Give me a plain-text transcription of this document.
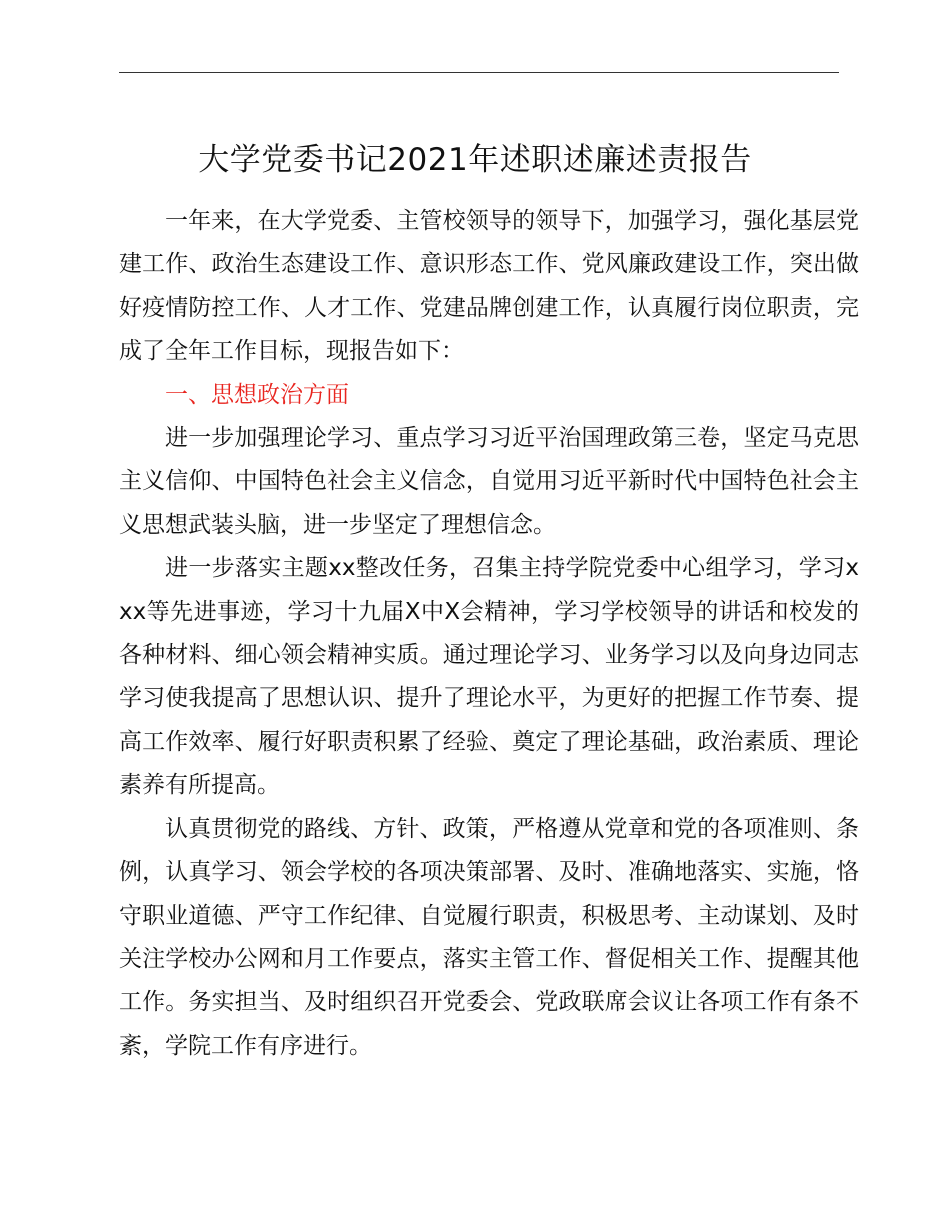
大学党委书记2021年述职述廉述责报告

一年来，在大学党委、主管校领导的领导下，加强学习，强化基层党建工作、政治生态建设工作、意识形态工作、党风廉政建设工作，突出做好疫情防控工作、人才工作、党建品牌创建工作，认真履行岗位职责，完成了全年工作目标，现报告如下：

一、思想政治方面

进一步加强理论学习、重点学习习近平治国理政第三卷，坚定马克思主义信仰、中国特色社会主义信念，自觉用习近平新时代中国特色社会主义思想武装头脑，进一步坚定了理想信念。

进一步落实主题xx整改任务，召集主持学院党委中心组学习，学习xxx等先进事迹，学习十九届X中X会精神，学习学校领导的讲话和校发的各种材料、细心领会精神实质。通过理论学习、业务学习以及向身边同志学习使我提高了思想认识、提升了理论水平，为更好的把握工作节奏、提高工作效率、履行好职责积累了经验、奠定了理论基础，政治素质、理论素养有所提高。

认真贯彻党的路线、方针、政策，严格遵从党章和党的各项准则、条例，认真学习、领会学校的各项决策部署、及时、准确地落实、实施，恪守职业道德、严守工作纪律、自觉履行职责，积极思考、主动谋划、及时关注学校办公网和月工作要点，落实主管工作、督促相关工作、提醒其他工作。务实担当、及时组织召开党委会、党政联席会议让各项工作有条不紊，学院工作有序进行。
